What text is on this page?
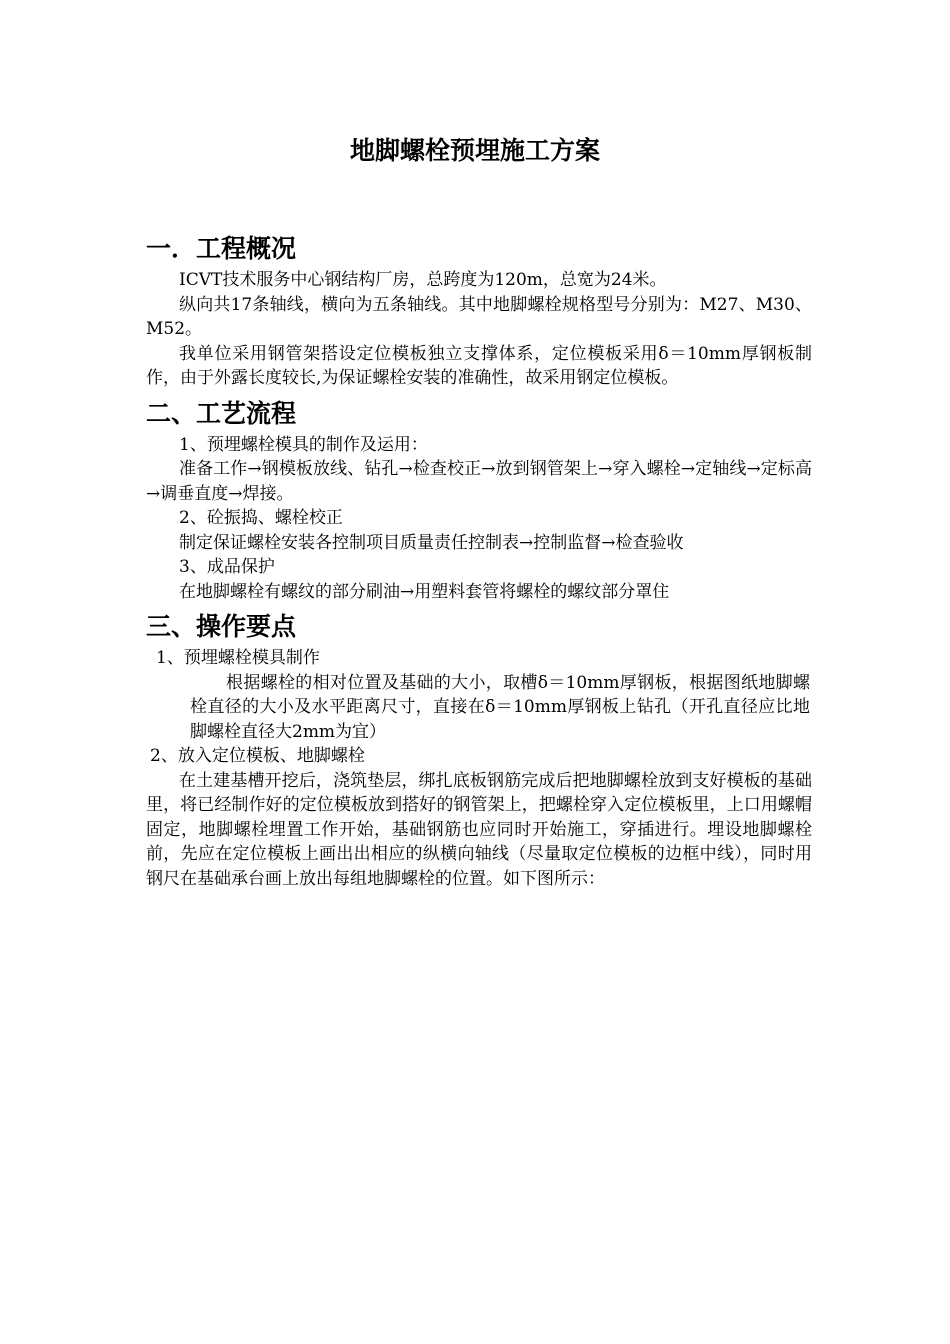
地脚螺栓预埋施工方案
一．工程概况

ICVT技术服务中心钢结构厂房，总跨度为120m，总宽为24米。

纵向共17条轴线，横向为五条轴线。其中地脚螺栓规格型号分别为：M27、M30、M52。

我单位采用钢管架搭设定位模板独立支撑体系，定位模板采用δ＝10mm厚钢板制作，由于外露长度较长,为保证螺栓安装的准确性，故采用钢定位模板。

二、工艺流程

1、预埋螺栓模具的制作及运用：

准备工作→钢模板放线、钻孔→检查校正→放到钢管架上→穿入螺栓→定轴线→定标高→调垂直度→焊接。

2、砼振捣、螺栓校正

制定保证螺栓安装各控制项目质量责任控制表→控制监督→检查验收

3、成品保护

在地脚螺栓有螺纹的部分刷油→用塑料套管将螺栓的螺纹部分罩住

三、操作要点

1、预埋螺栓模具制作

根据螺栓的相对位置及基础的大小，取槽δ＝10mm厚钢板，根据图纸地脚螺栓直径的大小及水平距离尺寸，直接在δ＝10mm厚钢板上钻孔（开孔直径应比地脚螺栓直径大2mm为宜）

2、放入定位模板、地脚螺栓

在土建基槽开挖后，浇筑垫层，绑扎底板钢筋完成后把地脚螺栓放到支好模板的基础里，将已经制作好的定位模板放到搭好的钢管架上，把螺栓穿入定位模板里，上口用螺帽固定，地脚螺栓埋置工作开始，基础钢筋也应同时开始施工，穿插进行。埋设地脚螺栓前，先应在定位模板上画出出相应的纵横向轴线（尽量取定位模板的边框中线），同时用钢尺在基础承台画上放出每组地脚螺栓的位置。如下图所示：
